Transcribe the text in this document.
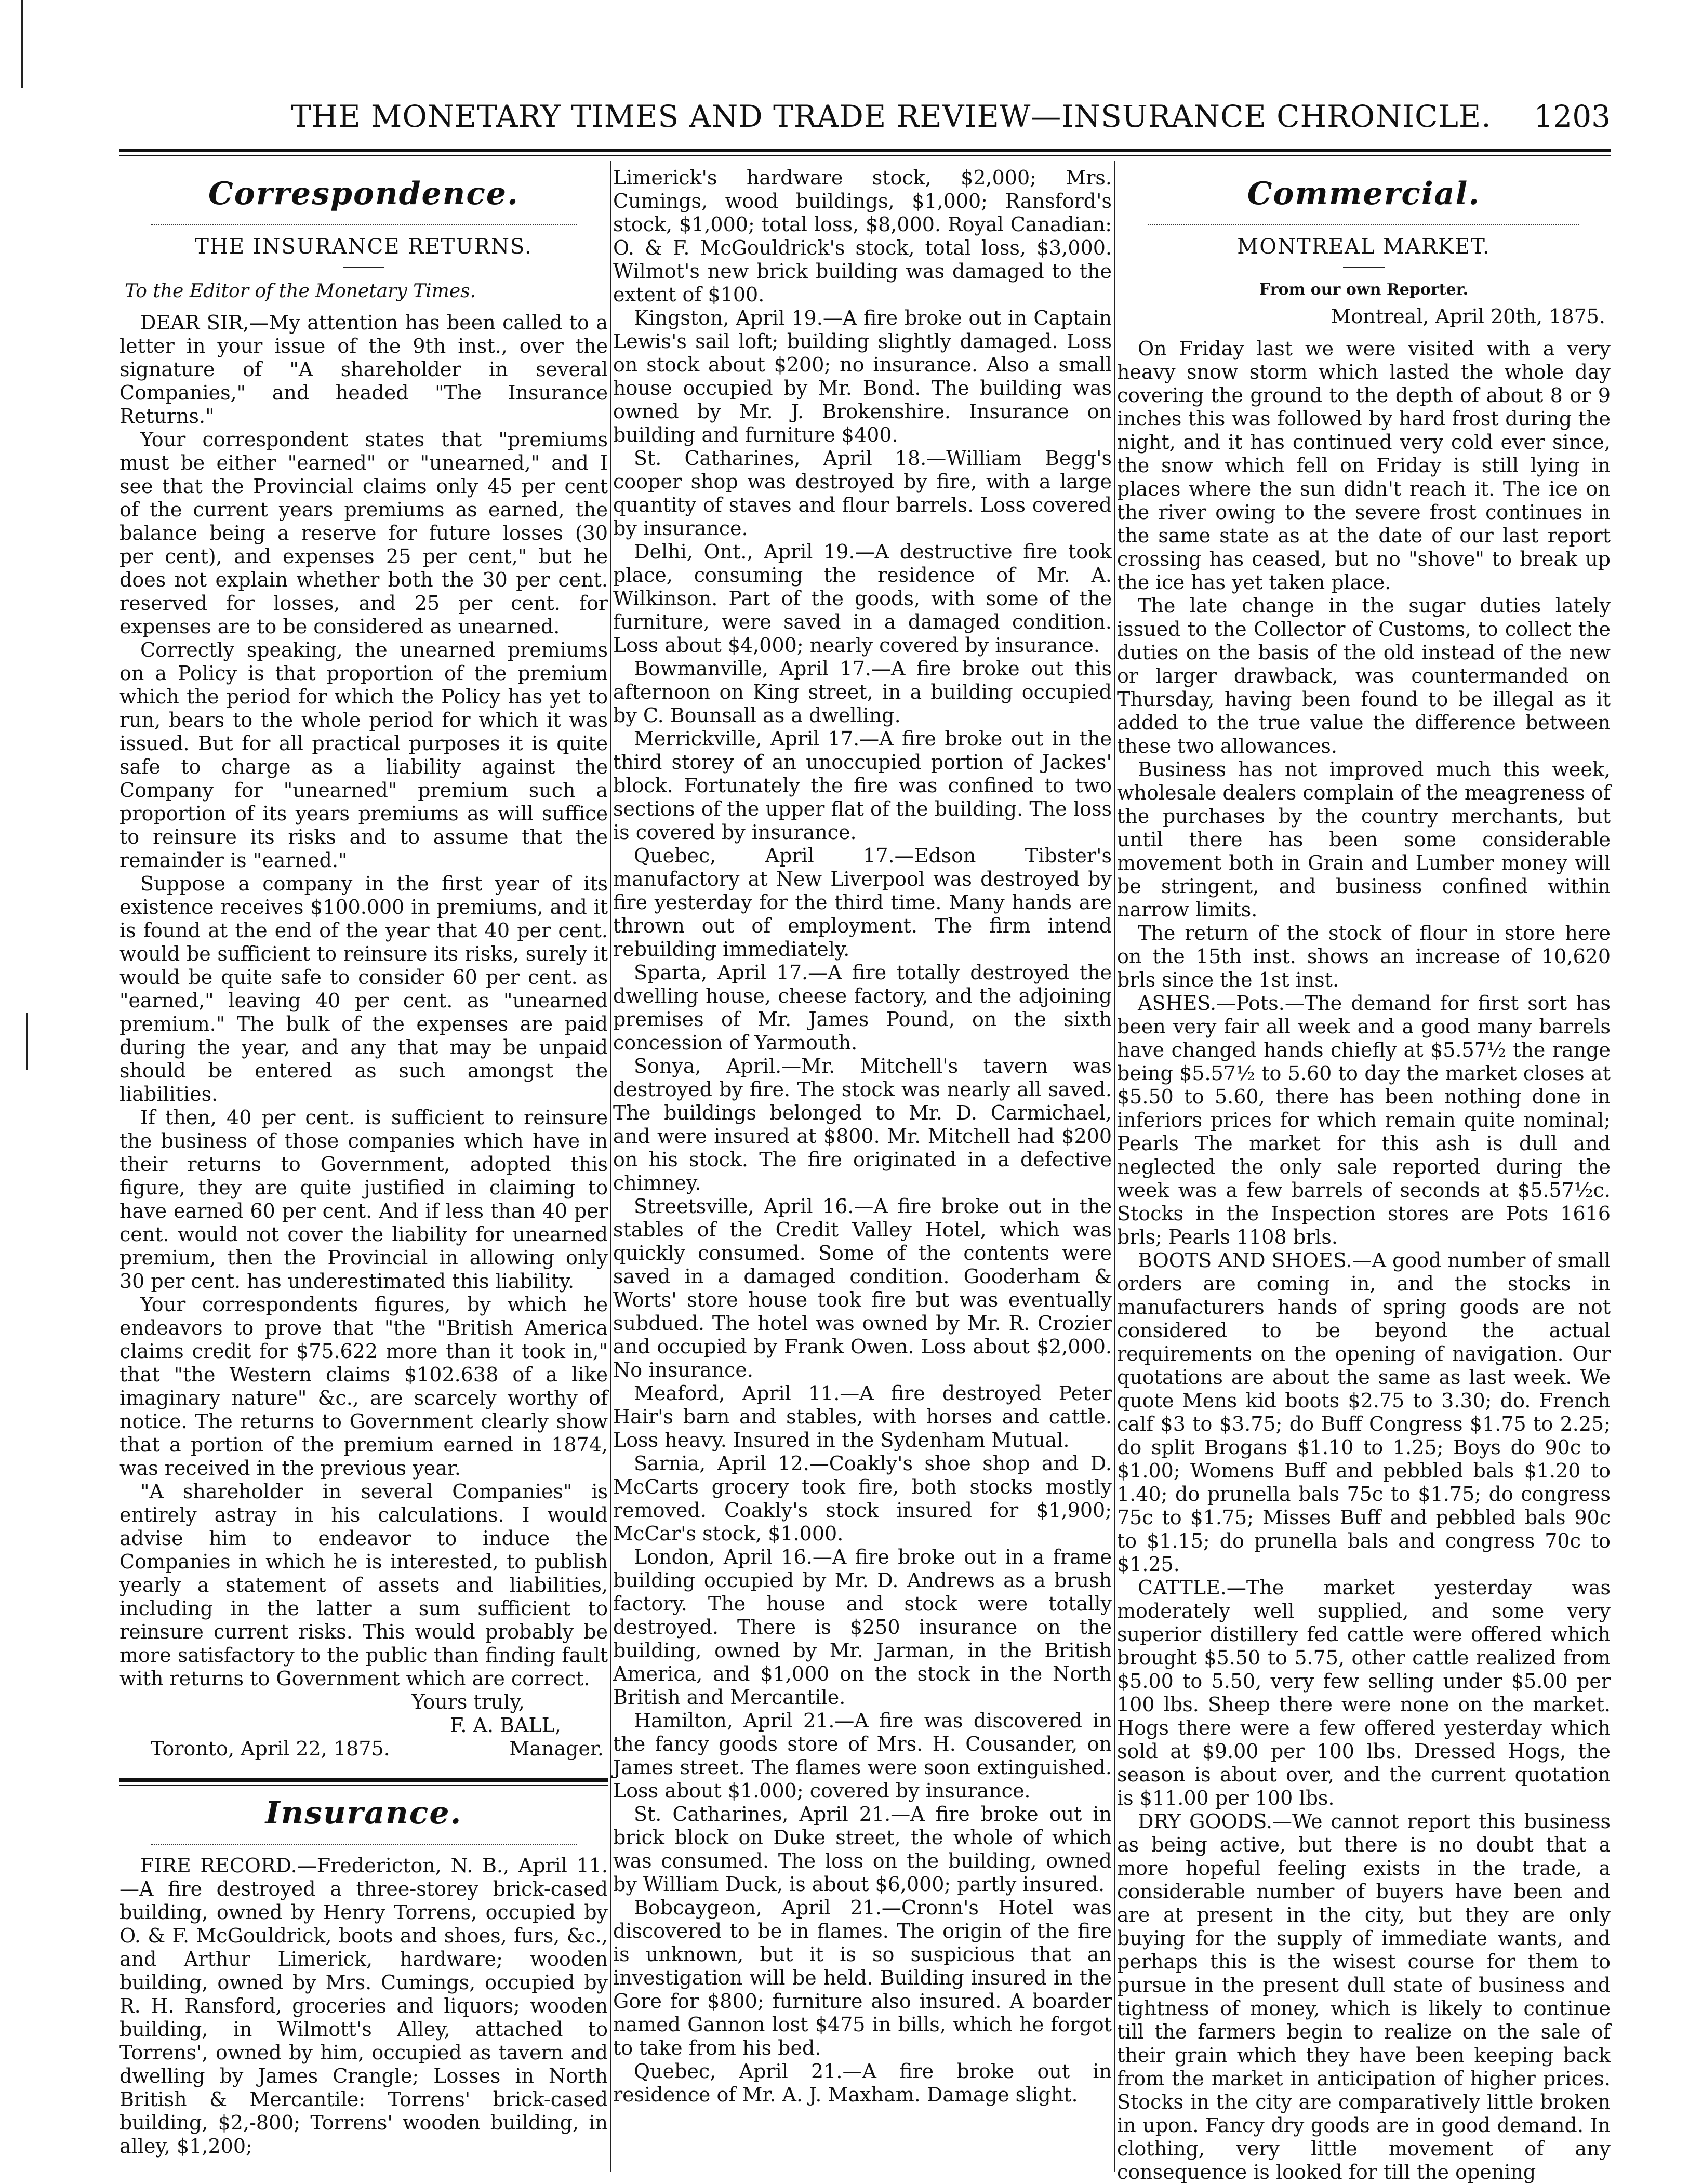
THE MONETARY TIMES AND TRADE REVIEW—INSURANCE CHRONICLE. 1203
Correspondence.
THE INSURANCE RETURNS.
To the Editor of the Monetary Times.

DEAR SIR,—My attention has been called to a letter in your issue of the 9th inst., over the signature of "A shareholder in several Companies," and headed "The Insurance Returns."

Your correspondent states that "premiums must be either "earned" or "unearned," and I see that the Provincial claims only 45 per cent of the current years premiums as earned, the balance being a reserve for future losses (30 per cent), and expenses 25 per cent," but he does not explain whether both the 30 per cent. reserved for losses, and 25 per cent. for expenses are to be considered as unearned.

Correctly speaking, the unearned premiums on a Policy is that proportion of the premium which the period for which the Policy has yet to run, bears to the whole period for which it was issued. But for all practical purposes it is quite safe to charge as a liability against the Company for "unearned" premium such a proportion of its years premiums as will suffice to reinsure its risks and to assume that the remainder is "earned."

Suppose a company in the first year of its existence receives $100.000 in premiums, and it is found at the end of the year that 40 per cent. would be sufficient to reinsure its risks, surely it would be quite safe to consider 60 per cent. as "earned," leaving 40 per cent. as "unearned premium." The bulk of the expenses are paid during the year, and any that may be unpaid should be entered as such amongst the liabilities.

If then, 40 per cent. is sufficient to reinsure the business of those companies which have in their returns to Government, adopted this figure, they are quite justified in claiming to have earned 60 per cent. And if less than 40 per cent. would not cover the liability for unearned premium, then the Provincial in allowing only 30 per cent. has underestimated this liability.

Your correspondents figures, by which he endeavors to prove that "the "British America claims credit for $75.622 more than it took in," that "the Western claims $102.638 of a like imaginary nature" &c., are scarcely worthy of notice. The returns to Government clearly show that a portion of the premium earned in 1874, was received in the previous year.

"A shareholder in several Companies" is entirely astray in his calculations. I would advise him to endeavor to induce the Companies in which he is interested, to publish yearly a statement of assets and liabilities, including in the latter a sum sufficient to reinsure current risks. This would probably be more satisfactory to the public than finding fault with returns to Government which are correct.

Yours truly,
F. A. BALL,
Toronto, April 22, 1875.	Manager.
Insurance.

FIRE RECORD.—Fredericton, N. B., April 11. —A fire destroyed a three-storey brick-cased building, owned by Henry Torrens, occupied by O. & F. McGouldrick, boots and shoes, furs, &c., and Arthur Limerick, hardware; wooden building, owned by Mrs. Cumings, occupied by R. H. Ransford, groceries and liquors; wooden building, in Wilmott's Alley, attached to Torrens', owned by him, occupied as tavern and dwelling by James Crangle; Losses in North British & Mercantile: Torrens' brick-cased building, $2,-800; Torrens' wooden building, in alley, $1,200;

Limerick's hardware stock, $2,000; Mrs. Cumings, wood buildings, $1,000; Ransford's stock, $1,000; total loss, $8,000. Royal Canadian: O. & F. McGouldrick's stock, total loss, $3,000. Wilmot's new brick building was damaged to the extent of $100.

Kingston, April 19.—A fire broke out in Captain Lewis's sail loft; building slightly damaged. Loss on stock about $200; no insurance. Also a small house occupied by Mr. Bond. The building was owned by Mr. J. Brokenshire. Insurance on building and furniture $400.

St. Catharines, April 18.—William Begg's cooper shop was destroyed by fire, with a large quantity of staves and flour barrels. Loss covered by insurance.

Delhi, Ont., April 19.—A destructive fire took place, consuming the residence of Mr. A. Wilkinson. Part of the goods, with some of the furniture, were saved in a damaged condition. Loss about $4,000; nearly covered by insurance.

Bowmanville, April 17.—A fire broke out this afternoon on King street, in a building occupied by C. Bounsall as a dwelling.

Merrickville, April 17.—A fire broke out in the third storey of an unoccupied portion of Jackes' block. Fortunately the fire was confined to two sections of the upper flat of the building. The loss is covered by insurance.

Quebec, April 17.—Edson Tibster's manufactory at New Liverpool was destroyed by fire yesterday for the third time. Many hands are thrown out of employment. The firm intend rebuilding immediately.

Sparta, April 17.—A fire totally destroyed the dwelling house, cheese factory, and the adjoining premises of Mr. James Pound, on the sixth concession of Yarmouth.

Sonya, April.—Mr. Mitchell's tavern was destroyed by fire. The stock was nearly all saved. The buildings belonged to Mr. D. Carmichael, and were insured at $800. Mr. Mitchell had $200 on his stock. The fire originated in a defective chimney.

Streetsville, April 16.—A fire broke out in the stables of the Credit Valley Hotel, which was quickly consumed. Some of the contents were saved in a damaged condition. Gooderham & Worts' store house took fire but was eventually subdued. The hotel was owned by Mr. R. Crozier and occupied by Frank Owen. Loss about $2,000. No insurance.

Meaford, April 11.—A fire destroyed Peter Hair's barn and stables, with horses and cattle. Loss heavy. Insured in the Sydenham Mutual.

Sarnia, April 12.—Coakly's shoe shop and D. McCarts grocery took fire, both stocks mostly removed. Coakly's stock insured for $1,900; McCar's stock, $1.000.

London, April 16.—A fire broke out in a frame building occupied by Mr. D. Andrews as a brush factory. The house and stock were totally destroyed. There is $250 insurance on the building, owned by Mr. Jarman, in the British America, and $1,000 on the stock in the North British and Mercantile.

Hamilton, April 21.—A fire was discovered in the fancy goods store of Mrs. H. Cousander, on James street. The flames were soon extinguished. Loss about $1.000; covered by insurance.

St. Catharines, April 21.—A fire broke out in brick block on Duke street, the whole of which was consumed. The loss on the building, owned by William Duck, is about $6,000; partly insured.

Bobcaygeon, April 21.—Cronn's Hotel was discovered to be in flames. The origin of the fire is unknown, but it is so suspicious that an investigation will be held. Building insured in the Gore for $800; furniture also insured. A boarder named Gannon lost $475 in bills, which he forgot to take from his bed.

Quebec, April 21.—A fire broke out in residence of Mr. A. J. Maxham. Damage slight.

Commercial.
MONTREAL MARKET.
From our own Reporter.
Montreal, April 20th, 1875.

On Friday last we were visited with a very heavy snow storm which lasted the whole day covering the ground to the depth of about 8 or 9 inches this was followed by hard frost during the night, and it has continued very cold ever since, the snow which fell on Friday is still lying in places where the sun didn't reach it. The ice on the river owing to the severe frost continues in the same state as at the date of our last report crossing has ceased, but no "shove" to break up the ice has yet taken place.

The late change in the sugar duties lately issued to the Collector of Customs, to collect the duties on the basis of the old instead of the new or larger drawback, was countermanded on Thursday, having been found to be illegal as it added to the true value the difference between these two allowances.

Business has not improved much this week, wholesale dealers complain of the meagreness of the purchases by the country merchants, but until there has been some considerable movement both in Grain and Lumber money will be stringent, and business confined within narrow limits.

The return of the stock of flour in store here on the 15th inst. shows an increase of 10,620 brls since the 1st inst.

ASHES.—Pots.—The demand for first sort has been very fair all week and a good many barrels have changed hands chiefly at $5.57½ the range being $5.57½ to 5.60 to day the market closes at $5.50 to 5.60, there has been nothing done in inferiors prices for which remain quite nominal; Pearls The market for this ash is dull and neglected the only sale reported during the week was a few barrels of seconds at $5.57½c. Stocks in the Inspection stores are Pots 1616 brls; Pearls 1108 brls.

BOOTS AND SHOES.—A good number of small orders are coming in, and the stocks in manufacturers hands of spring goods are not considered to be beyond the actual requirements on the opening of navigation. Our quotations are about the same as last week. We quote Mens kid boots $2.75 to 3.30; do. French calf $3 to $3.75; do Buff Congress $1.75 to 2.25; do split Brogans $1.10 to 1.25; Boys do 90c to $1.00; Womens Buff and pebbled bals $1.20 to 1.40; do prunella bals 75c to $1.75; do congress 75c to $1.75; Misses Buff and pebbled bals 90c to $1.15; do prunella bals and congress 70c to $1.25.

CATTLE.—The market yesterday was moderately well supplied, and some very superior distillery fed cattle were offered which brought $5.50 to 5.75, other cattle realized from $5.00 to 5.50, very few selling under $5.00 per 100 lbs. Sheep there were none on the market. Hogs there were a few offered yesterday which sold at $9.00 per 100 lbs. Dressed Hogs, the season is about over, and the current quotation is $11.00 per 100 lbs.

DRY GOODS.—We cannot report this business as being active, but there is no doubt that a more hopeful feeling exists in the trade, a considerable number of buyers have been and are at present in the city, but they are only buying for the supply of immediate wants, and perhaps this is the wisest course for them to pursue in the present dull state of business and tightness of money, which is likely to continue till the farmers begin to realize on the sale of their grain which they have been keeping back from the market in anticipation of higher prices. Stocks in the city are comparatively little broken in upon. Fancy dry goods are in good demand. In clothing, very little movement of any consequence is looked for till the opening
